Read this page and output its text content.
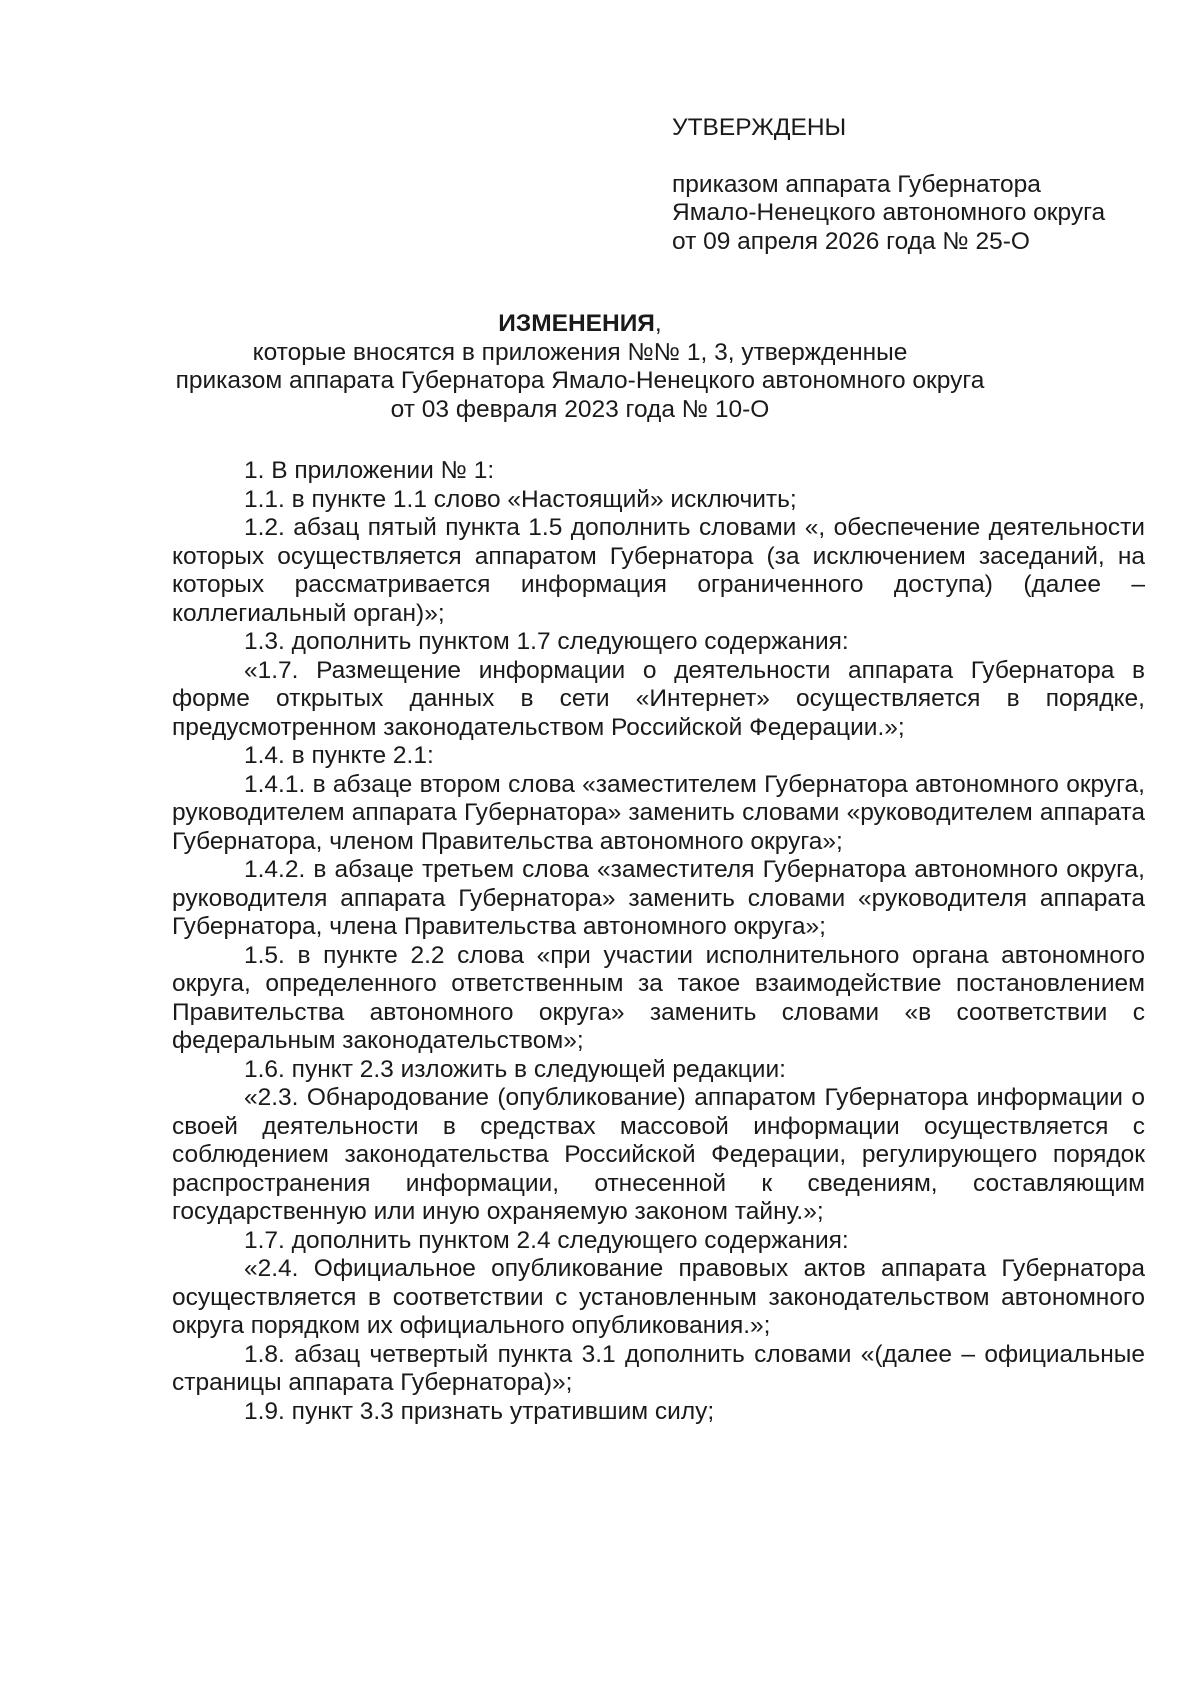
УТВЕРЖДЕНЫ
приказом аппарата Губернатора
Ямало-Ненецкого автономного округа
от 09 апреля 2026 года № 25-О
ИЗМЕНЕНИЯ,
которые вносятся в приложения №№ 1, 3, утвержденные
приказом аппарата Губернатора Ямало-Ненецкого автономного округа
от 03 февраля 2023 года № 10-О

1. В приложении № 1:

1.1. в пункте 1.1 слово «Настоящий» исключить;

1.2. абзац пятый пункта 1.5 дополнить словами «, обеспечение деятельности которых осуществляется аппаратом Губернатора (за исключением заседаний, на которых рассматривается информация ограниченного доступа) (далее – коллегиальный орган)»;

1.3. дополнить пунктом 1.7 следующего содержания:

«1.7. Размещение информации о деятельности аппарата Губернатора в форме открытых данных в сети «Интернет» осуществляется в порядке, предусмотренном законодательством Российской Федерации.»;

1.4. в пункте 2.1:

1.4.1. в абзаце втором слова «заместителем Губернатора автономного округа, руководителем аппарата Губернатора» заменить словами «руководителем аппарата Губернатора, членом Правительства автономного округа»;

1.4.2. в абзаце третьем слова «заместителя Губернатора автономного округа, руководителя аппарата Губернатора» заменить словами «руководителя аппарата Губернатора, члена Правительства автономного округа»;

1.5. в пункте 2.2 слова «при участии исполнительного органа автономного округа, определенного ответственным за такое взаимодействие постановлением Правительства автономного округа» заменить словами «в соответствии с федеральным законодательством»;

1.6. пункт 2.3 изложить в следующей редакции:

«2.3. Обнародование (опубликование) аппаратом Губернатора информации о своей деятельности в средствах массовой информации осуществляется с соблюдением законодательства Российской Федерации, регулирующего порядок распространения информации, отнесенной к сведениям, составляющим государственную или иную охраняемую законом тайну.»;

1.7. дополнить пунктом 2.4 следующего содержания:

«2.4. Официальное опубликование правовых актов аппарата Губернатора осуществляется в соответствии с установленным законодательством автономного округа порядком их официального опубликования.»;

1.8. абзац четвертый пункта 3.1 дополнить словами «(далее – официальные страницы аппарата Губернатора)»;

1.9. пункт 3.3 признать утратившим силу;
